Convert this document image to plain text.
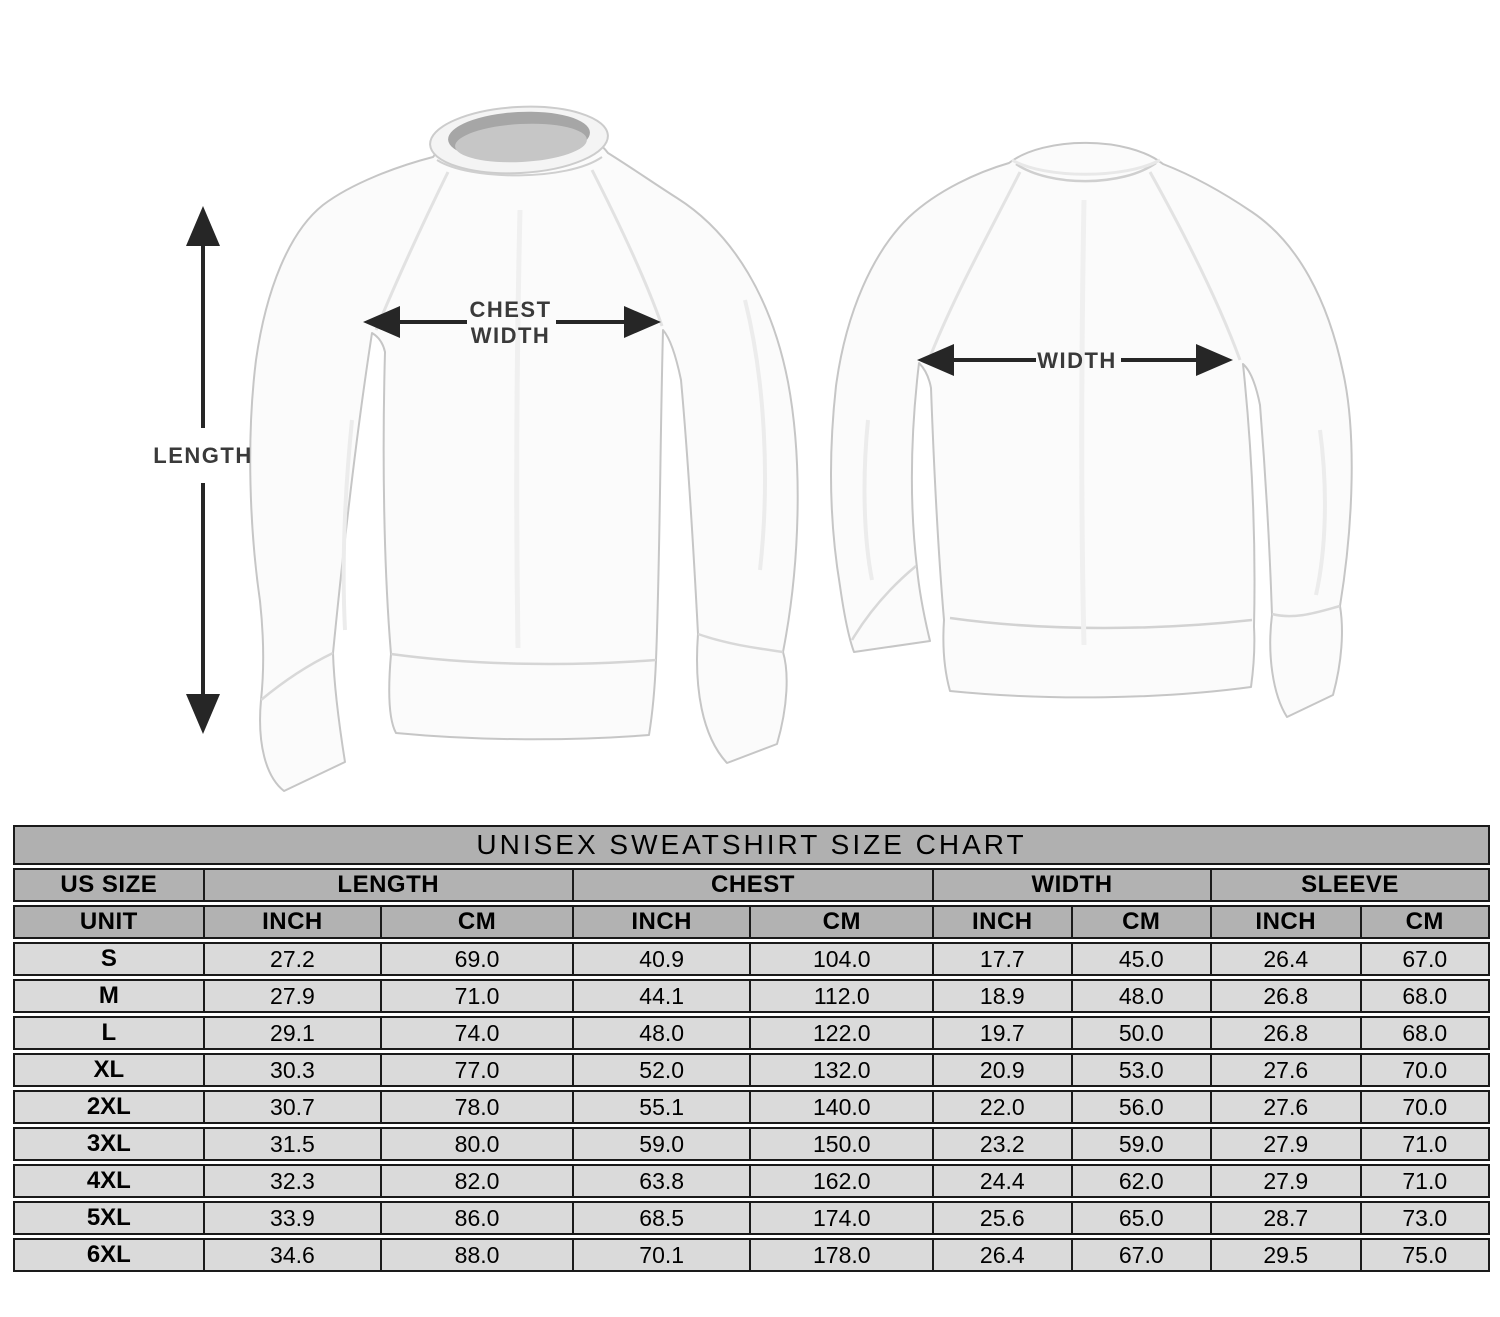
LENGTH
CHEST WIDTH
WIDTH
UNISEX SWEATSHIRT SIZE CHART								
US SIZE	LENGTH		CHEST		WIDTH		SLEEVE	
UNIT	INCH	CM	INCH	CM	INCH	CM	INCH	CM
S	27.2	69.0	40.9	104.0	17.7	45.0	26.4	67.0
M	27.9	71.0	44.1	112.0	18.9	48.0	26.8	68.0
L	29.1	74.0	48.0	122.0	19.7	50.0	26.8	68.0
XL	30.3	77.0	52.0	132.0	20.9	53.0	27.6	70.0
2XL	30.7	78.0	55.1	140.0	22.0	56.0	27.6	70.0
3XL	31.5	80.0	59.0	150.0	23.2	59.0	27.9	71.0
4XL	32.3	82.0	63.8	162.0	24.4	62.0	27.9	71.0
5XL	33.9	86.0	68.5	174.0	25.6	65.0	28.7	73.0
6XL	34.6	88.0	70.1	178.0	26.4	67.0	29.5	75.0
